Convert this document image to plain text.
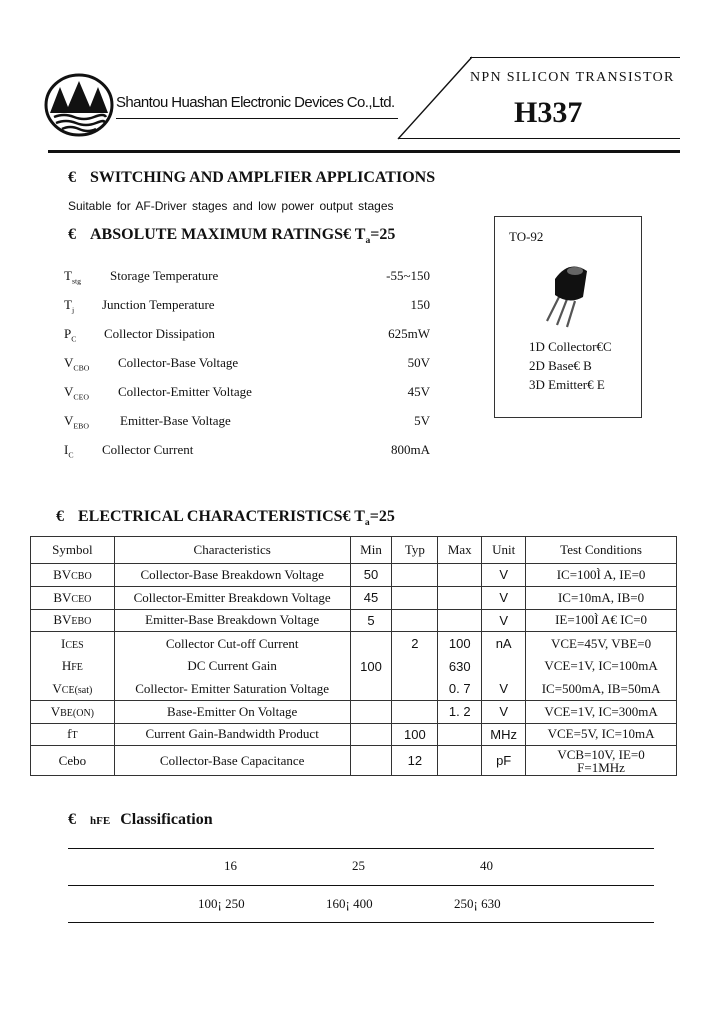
Shantou Huashan Electronic Devices Co.,Ltd.
NPN SILICON TRANSISTOR
H337
€ SWITCHING AND AMPLFIER APPLICATIONS
Suitable for AF-Driver stages and low power output stages
€ ABSOLUTE MAXIMUM RATINGS€ $T_a=25$
$T_{stg}$ Storage Temperature	-55~150
$T_j$ Junction Temperature	150
$P_C$ Collector Dissipation	625mW
$V_{CBO}$ Collector-Base Voltage	50V
$V_{CEO}$ Collector-Emitter Voltage	45V
$V_{EBO}$ Emitter-Base Voltage	5V
$I_C$ Collector Current	800mA
TO-92
1D Collector€C
2D Base€ B
3D Emitter€ E
€ ELECTRICAL CHARACTERISTICS€ $T_a=25$
Symbol	Characteristics	Min	Typ	Max	Unit	Test Conditions
BVCBO	Collector-Base Breakdown Voltage	50			V	IC=100Ì A, IE=0
BVCEO	Collector-Emitter Breakdown Voltage	45			V	IC=10mA, IB=0
BVEBO	Emitter-Base Breakdown Voltage	5			V	IE=100Ì A€ IC=0
ICES	Collector Cut-off Current		2	100	nA	VCE=45V, VBE=0
HFE	DC Current Gain	100		630		VCE=1V, IC=100mA
VCE(sat)	Collector- Emitter Saturation Voltage			0. 7	V	IC=500mA, IB=50mA
VBE(ON)	Base-Emitter On Voltage			1. 2	V	VCE=1V, IC=300mA
fT	Current Gain-Bandwidth Product		100		MHz	VCE=5V, IC=10mA
Cebo	Collector-Base Capacitance		12		pF	VCB=10V, IE=0
F=1MHz
€ hFE Classification
16	25	40
100¡ 250	160¡ 400	250¡ 630
